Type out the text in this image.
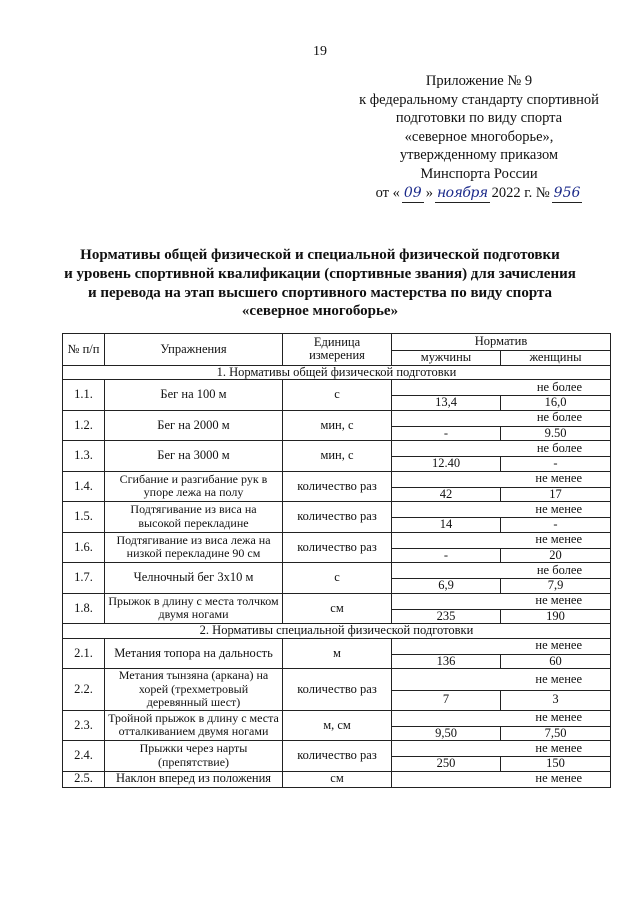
19
Приложение № 9
к федеральному стандарту спортивной
подготовки по виду спорта
«северное многоборье»,
утвержденному приказом
Минспорта России
от « 09 » ноября 2022 г. № 956
Нормативы общей физической и специальной физической подготовки
и уровень спортивной квалификации (спортивные звания) для зачисления
и перевода на этап высшего спортивного мастерства по виду спорта
«северное многоборье»
№ п/п	Упражнения	Единица измерения	Норматив	
			мужчины	женщины
1. Нормативы общей физической подготовки				
1.1.	Бег на 100 м	с	не более	
			13,4	16,0
1.2.	Бег на 2000 м	мин, с	не более	
			-	9.50
1.3.	Бег на 3000 м	мин, с	не более	
			12.40	-
1.4.	Сгибание и разгибание рук в упоре лежа на полу	количество раз	не менее	
			42	17
1.5.	Подтягивание из виса на высокой перекладине	количество раз	не менее	
			14	-
1.6.	Подтягивание из виса лежа на низкой перекладине 90 см	количество раз	не менее	
			-	20
1.7.	Челночный бег 3x10 м	с	не более	
			6,9	7,9
1.8.	Прыжок в длину с места толчком двумя ногами	см	не менее	
			235	190
2. Нормативы специальной физической подготовки				
2.1.	Метания топора на дальность	м	не менее	
			136	60
2.2.	Метания тынзяна (аркана) на хорей (трехметровый деревянный шест)	количество раз	не менее	
			7	3
2.3.	Тройной прыжок в длину с места отталкиванием двумя ногами	м, см	не менее	
			9,50	7,50
2.4.	Прыжки через нарты (препятствие)	количество раз	не менее	
			250	150
2.5.	Наклон вперед из положения	см	не менее	
